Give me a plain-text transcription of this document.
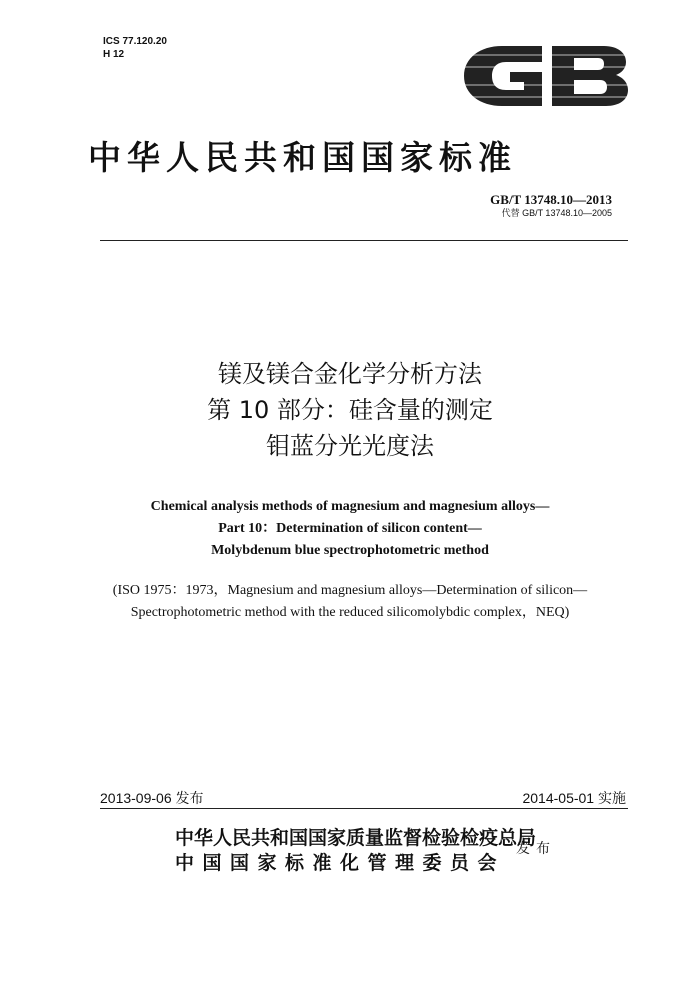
ICS 77.120.20
H 12
中华人民共和国国家标准
GB/T 13748.10—2013
代替 GB/T 13748.10—2005
镁及镁合金化学分析方法
第 10 部分：硅含量的测定
钼蓝分光光度法
Chemical analysis methods of magnesium and magnesium alloys—
Part 10：Determination of silicon content—
Molybdenum blue spectrophotometric method
(ISO 1975：1973，Magnesium and magnesium alloys—Determination of silicon—
Spectrophotometric method with the reduced silicomolybdic complex，NEQ)
2013-09-06 发布	2014-05-01 实施
中华人民共和国国家质量监督检验检疫总局
中国国家标准化管理委员会
发布
